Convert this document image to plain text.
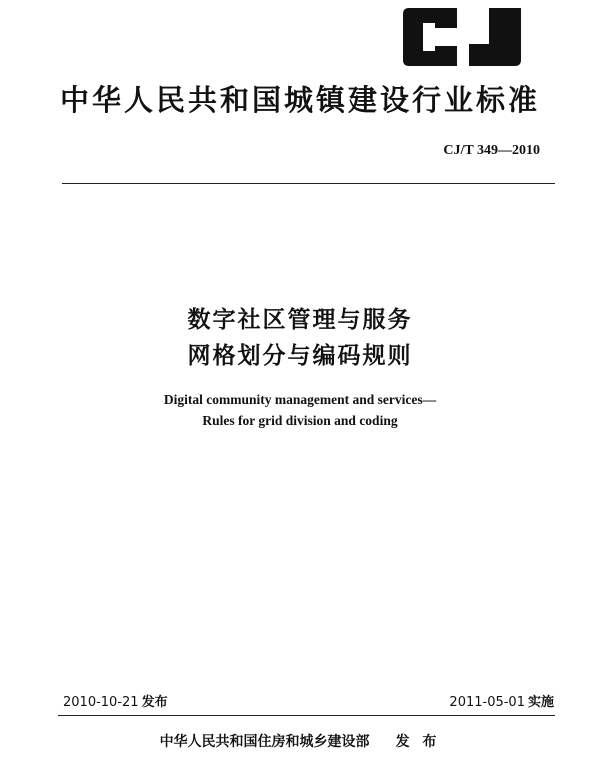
中华人民共和国城镇建设行业标准
CJ/T 349—2010
数字社区管理与服务
网格划分与编码规则
Digital community management and services—
Rules for grid division and coding
2010-10-21 发布	2011-05-01 实施
中华人民共和国住房和城乡建设部 发 布
